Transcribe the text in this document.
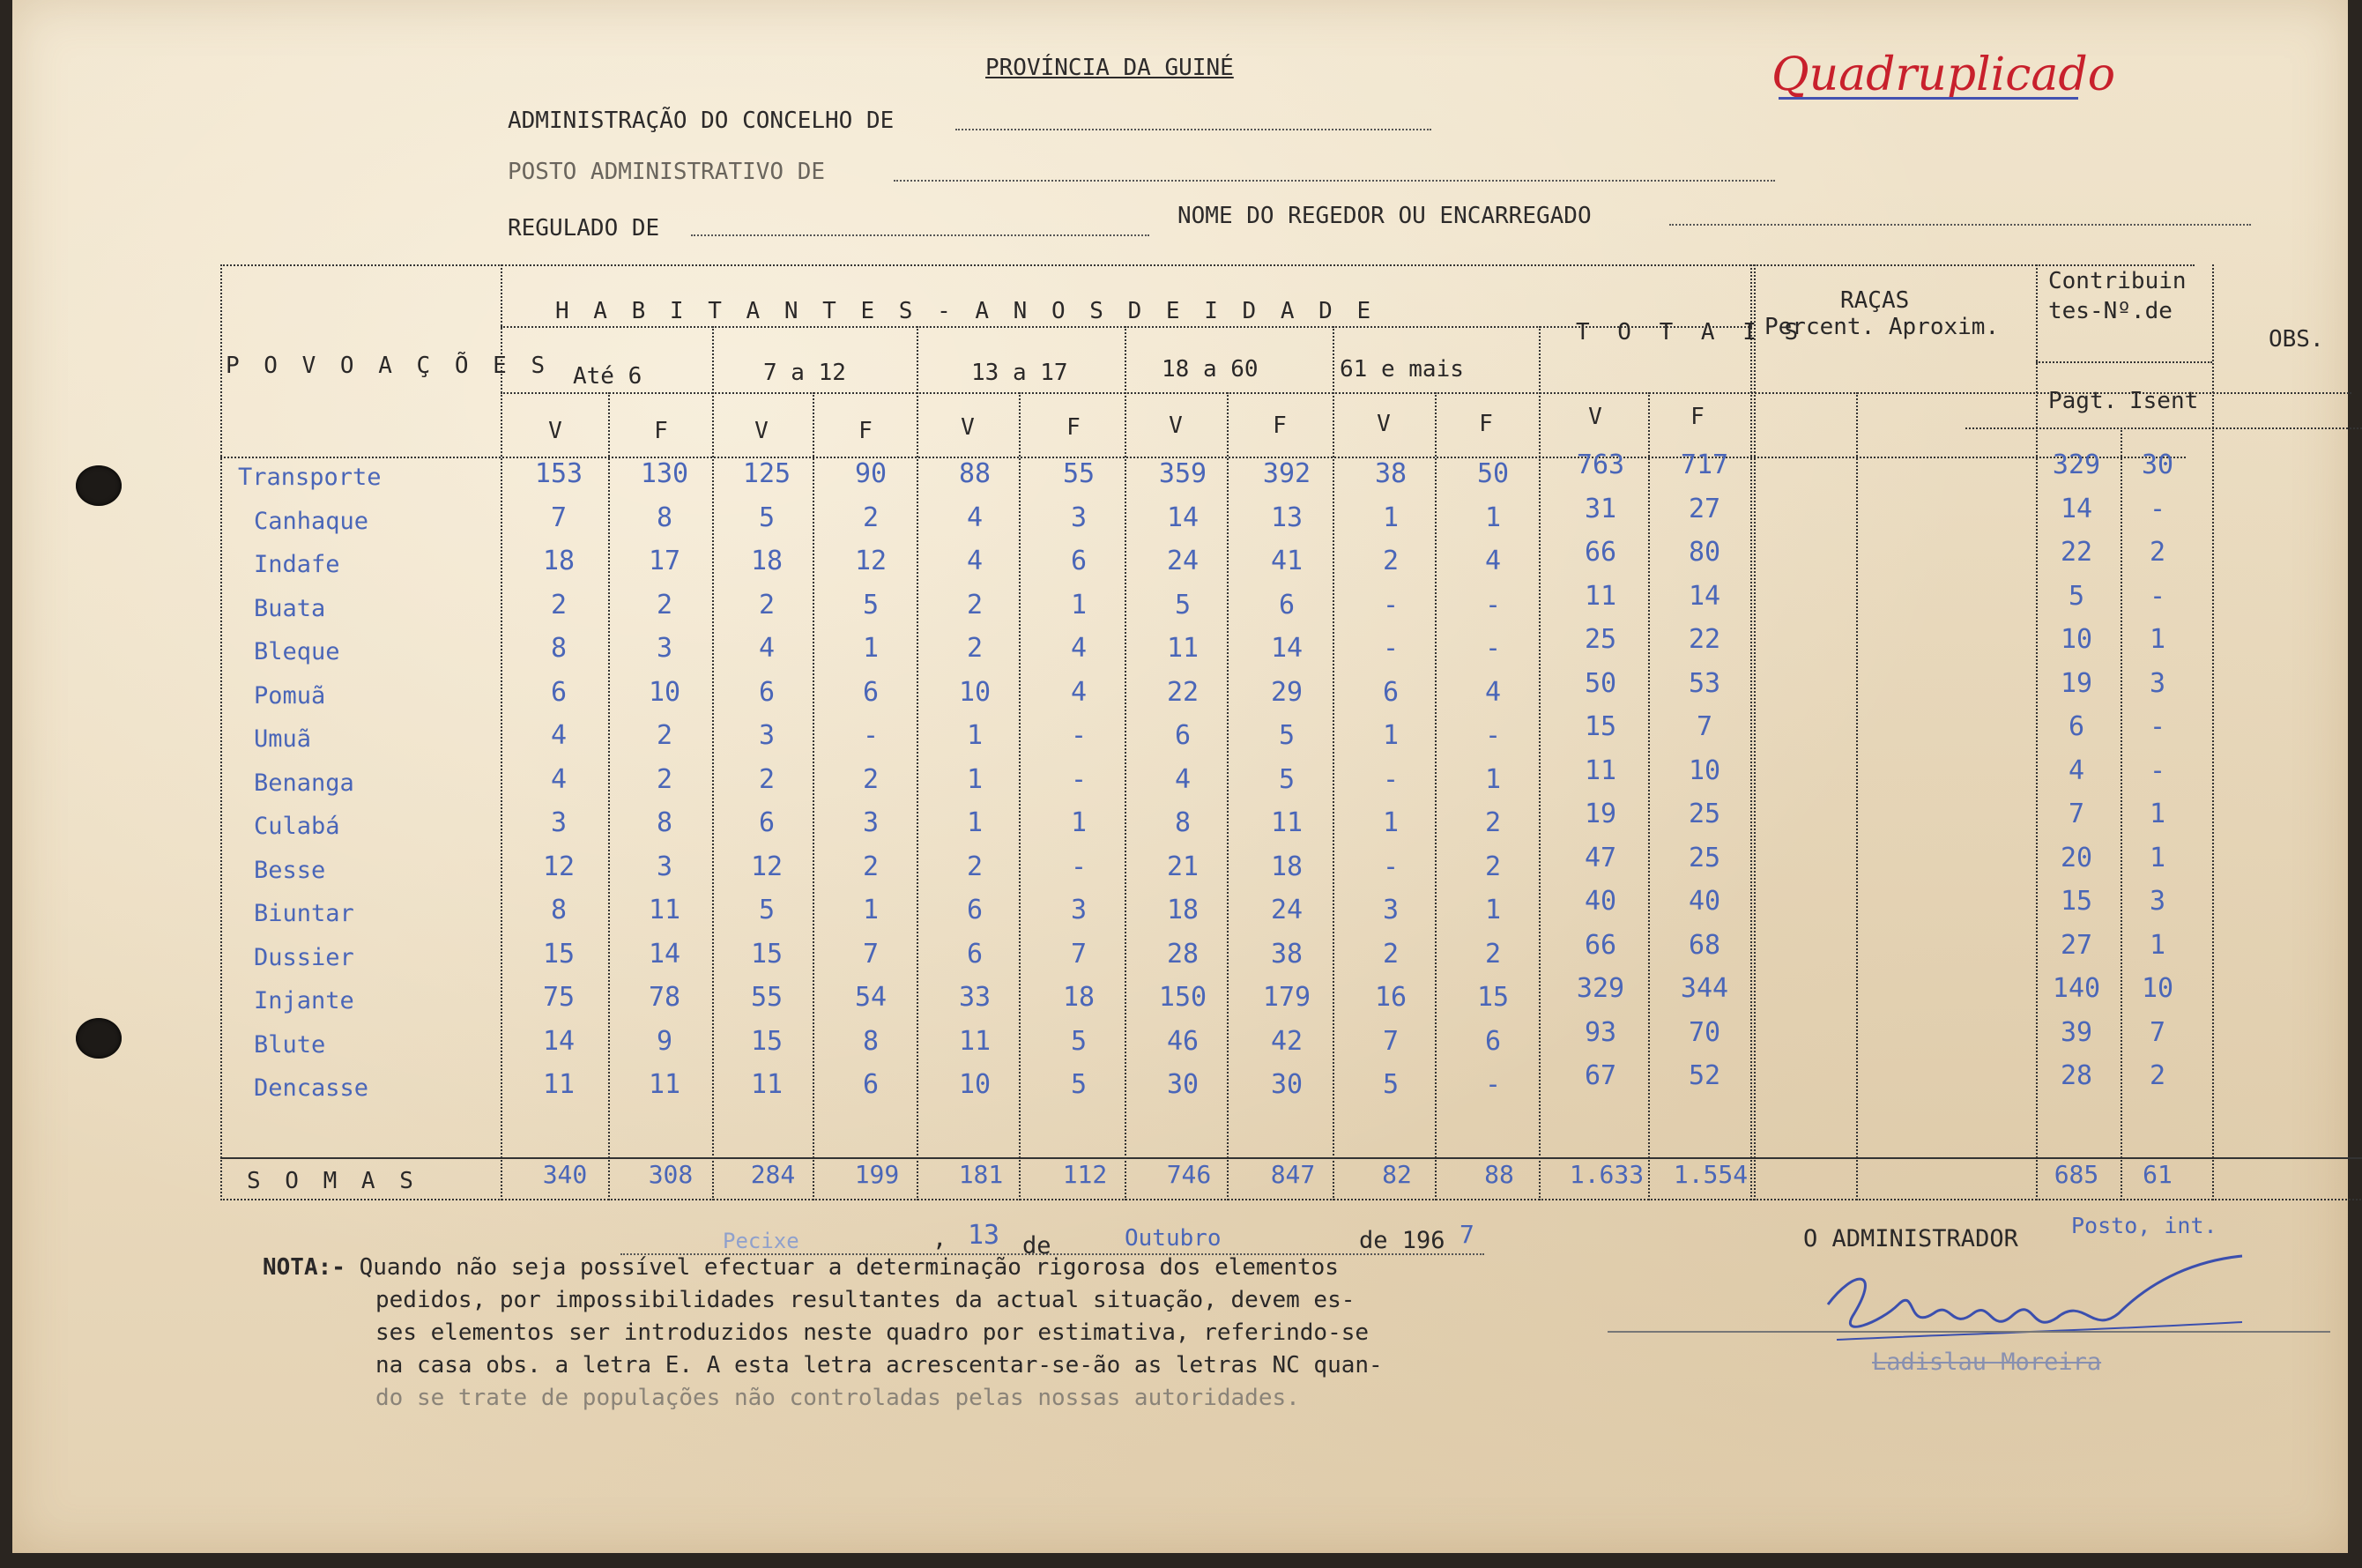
PROVÍNCIA DA GUINÉ	Quadruplicado
ADMINISTRAÇÃO DO CONCELHO DE
POSTO ADMINISTRATIVO DE
REGULADO DE	NOME DO REGEDOR OU ENCARREGADO
P O V O A Ç Õ E S
H A B I T A N T E S - A N O S D E I D A D E
Até 6	7 a 12	13 a 17	18 a 60	61 e mais
T O T A I S
RAÇAS
Percent. Aproxim.
Contribuin
tes-Nº.de
Pagt. Isent
OBS.
V	F	V	F	V	F	V	F	V	F	V	F
Transporte	153	130	125	90	88	55	359	392	38	50	763	717	329	30
Canhaque	7	8	5	2	4	3	14	13	1	1	31	27	14	-
Indafe	18	17	18	12	4	6	24	41	2	4	66	80	22	2
Buata	2	2	2	5	2	1	5	6	-	-	11	14	5	-
Bleque	8	3	4	1	2	4	11	14	-	-	25	22	10	1
Pomuã	6	10	6	6	10	4	22	29	6	4	50	53	19	3
Umuã	4	2	3	-	1	-	6	5	1	-	15	7	6	-
Benanga	4	2	2	2	1	-	4	5	-	1	11	10	4	-
Culabá	3	8	6	3	1	1	8	11	1	2	19	25	7	1
Besse	12	3	12	2	2	-	21	18	-	2	47	25	20	1
Biuntar	8	11	5	1	6	3	18	24	3	1	40	40	15	3
Dussier	15	14	15	7	6	7	28	38	2	2	66	68	27	1
Injante	75	78	55	54	33	18	150	179	16	15	329	344	140	10
Blute	14	9	15	8	11	5	46	42	7	6	93	70	39	7
Dencasse	11	11	11	6	10	5	30	30	5	-	67	52	28	2
S O M A S	340	308	284	199	181	112	746	847	82	88	1.633 1.554	685	61
Pecixe	, 13 de	Outubro	de 196 7	O ADMINISTRADOR Posto, int.
Ladislau Moreira
NOTA:- Quando não seja possível efectuar a determinação rigorosa dos elementos
pedidos, por impossibilidades resultantes da actual situação, devem es-
ses elementos ser introduzidos neste quadro por estimativa, referindo-se
na casa obs. a letra E. A esta letra acrescentar-se-ão as letras NC quan-
do se trate de populações não controladas pelas nossas autoridades.
